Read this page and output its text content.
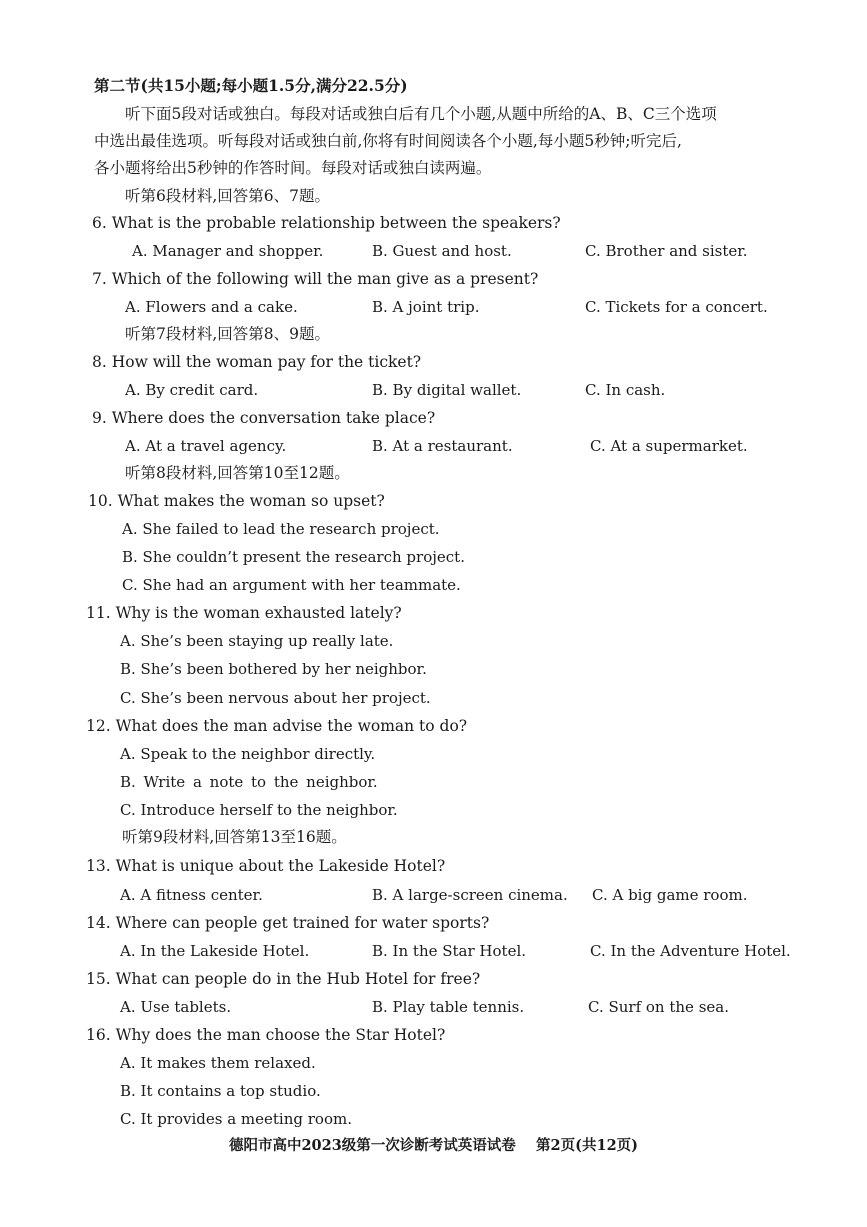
第二节(共15小题;每小题1.5分,满分22.5分)
听下面5段对话或独白。每段对话或独白后有几个小题,从题中所给的A、B、C三个选项
中选出最佳选项。听每段对话或独白前,你将有时间阅读各个小题,每小题5秒钟;听完后,
各小题将给出5秒钟的作答时间。每段对话或独白读两遍。
听第6段材料,回答第6、7题。
6. What is the probable relationship between the speakers?
A. Manager and shopper.	B. Guest and host.	C. Brother and sister.
7. Which of the following will the man give as a present?
A. Flowers and a cake.	B. A joint trip.	C. Tickets for a concert.
听第7段材料,回答第8、9题。
8. How will the woman pay for the ticket?
A. By credit card.	B. By digital wallet.	C. In cash.
9. Where does the conversation take place?
A. At a travel agency.	B. At a restaurant.	C. At a supermarket.
听第8段材料,回答第10至12题。
10. What makes the woman so upset?
A. She failed to lead the research project.
B. She couldn’t present the research project.
C. She had an argument with her teammate.
11. Why is the woman exhausted lately?
A. She’s been staying up really late.
B. She’s been bothered by her neighbor.
C. She’s been nervous about her project.
12. What does the man advise the woman to do?
A. Speak to the neighbor directly.
B. Write a note to the neighbor.
C. Introduce herself to the neighbor.
听第9段材料,回答第13至16题。
13. What is unique about the Lakeside Hotel?
A. A fitness center.	B. A large-screen cinema. C. A big game room.
14. Where can people get trained for water sports?
A. In the Lakeside Hotel.	B. In the Star Hotel.	C. In the Adventure Hotel.
15. What can people do in the Hub Hotel for free?
A. Use tablets.	B. Play table tennis.	C. Surf on the sea.
16. Why does the man choose the Star Hotel?
A. It makes them relaxed.
B. It contains a top studio.
C. It provides a meeting room.
德阳市高中2023级第一次诊断考试英语试卷 第2页(共12页)
